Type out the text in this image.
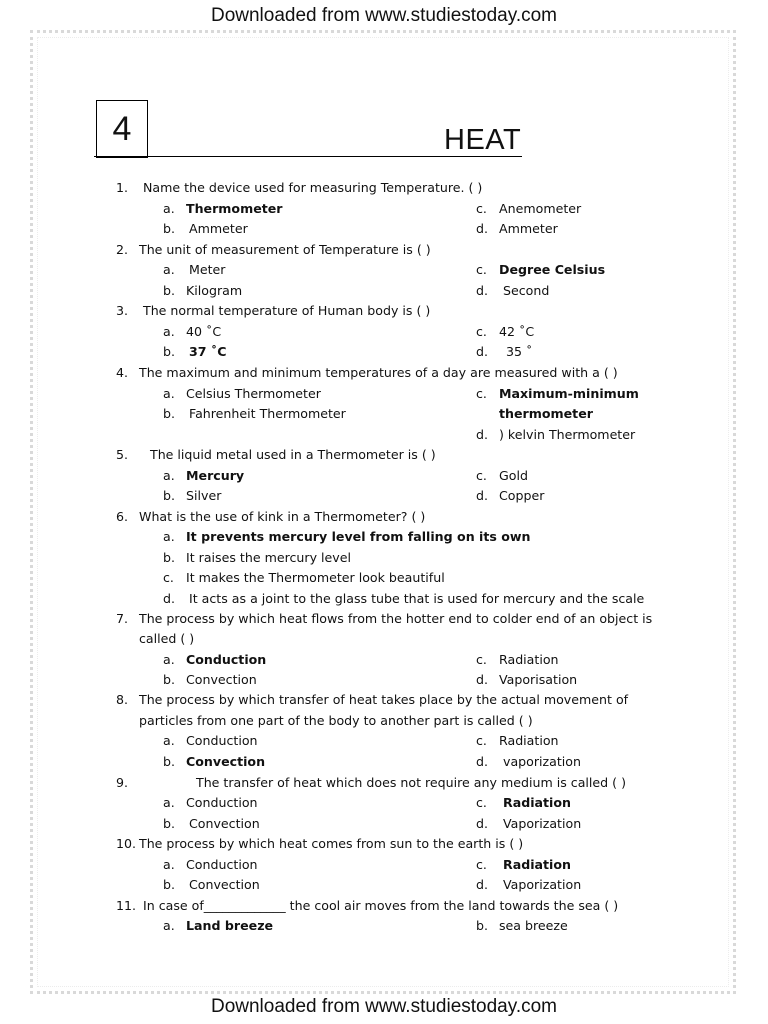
Downloaded from www.studiestoday.com
4	HEAT
1. Name the device used for measuring Temperature. ( )
a. Thermometer	c. Anemometer
b. Ammeter	d. Ammeter
2. The unit of measurement of Temperature is ( )
a. Meter	c. Degree Celsius
b. Kilogram	d. Second
3. The normal temperature of Human body is ( )
a. 40 ˚C	c. 42 ˚C
b. 37 ˚C	d. 35 ˚
4. The maximum and minimum temperatures of a day are measured with a ( )
a. Celsius Thermometer	c. Maximum-minimum
b. Fahrenheit Thermometer	thermometer
d. ) kelvin Thermometer
5. The liquid metal used in a Thermometer is ( )
a. Mercury	c. Gold
b. Silver	d. Copper
6. What is the use of kink in a Thermometer? ( )
a. It prevents mercury level from falling on its own
b. It raises the mercury level
c. It makes the Thermometer look beautiful
d. It acts as a joint to the glass tube that is used for mercury and the scale
7. The process by which heat flows from the hotter end to colder end of an object is
called ( )
a. Conduction	c. Radiation
b. Convection	d. Vaporisation
8. The process by which transfer of heat takes place by the actual movement of
particles from one part of the body to another part is called ( )
a. Conduction	c. Radiation
b. Convection	d. vaporization
9.	The transfer of heat which does not require any medium is called ( )
a. Conduction	c. Radiation
b. Convection	d. Vaporization
10. The process by which heat comes from sun to the earth is ( )
a. Conduction	c. Radiation
b. Convection	d. Vaporization
11. In case of_____________ the cool air moves from the land towards the sea ( )
a. Land breeze	b. sea breeze
Downloaded from www.studiestoday.com
